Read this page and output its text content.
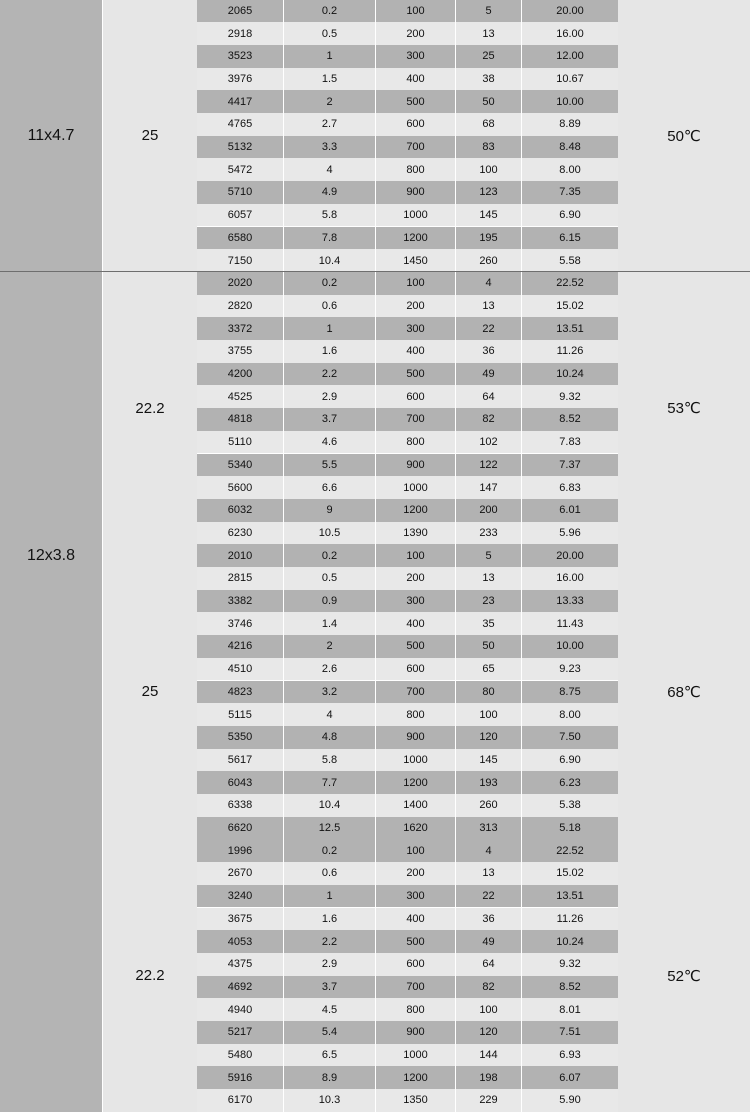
11x4.7	25	50℃
2065	0.2	100	5	20.00
2918	0.5	200	13	16.00
3523	1	300	25	12.00
3976	1.5	400	38	10.67
4417	2	500	50	10.00
4765	2.7	600	68	8.89
5132	3.3	700	83	8.48
5472	4	800	100	8.00
5710	4.9	900	123	7.35
6057	5.8	1000	145	6.90
6580	7.8	1200	195	6.15
7150	10.4	1450	260	5.58
12x3.8
22.2	53℃
2020	0.2	100	4	22.52
2820	0.6	200	13	15.02
3372	1	300	22	13.51
3755	1.6	400	36	11.26
4200	2.2	500	49	10.24
4525	2.9	600	64	9.32
4818	3.7	700	82	8.52
5110	4.6	800	102	7.83
5340	5.5	900	122	7.37
5600	6.6	1000	147	6.83
6032	9	1200	200	6.01
6230	10.5	1390	233	5.96
25	68℃
2010	0.2	100	5	20.00
2815	0.5	200	13	16.00
3382	0.9	300	23	13.33
3746	1.4	400	35	11.43
4216	2	500	50	10.00
4510	2.6	600	65	9.23
4823	3.2	700	80	8.75
5115	4	800	100	8.00
5350	4.8	900	120	7.50
5617	5.8	1000	145	6.90
6043	7.7	1200	193	6.23
6338	10.4	1400	260	5.38
6620	12.5	1620	313	5.18
22.2	52℃
1996	0.2	100	4	22.52
2670	0.6	200	13	15.02
3240	1	300	22	13.51
3675	1.6	400	36	11.26
4053	2.2	500	49	10.24
4375	2.9	600	64	9.32
4692	3.7	700	82	8.52
4940	4.5	800	100	8.01
5217	5.4	900	120	7.51
5480	6.5	1000	144	6.93
5916	8.9	1200	198	6.07
6170	10.3	1350	229	5.90
